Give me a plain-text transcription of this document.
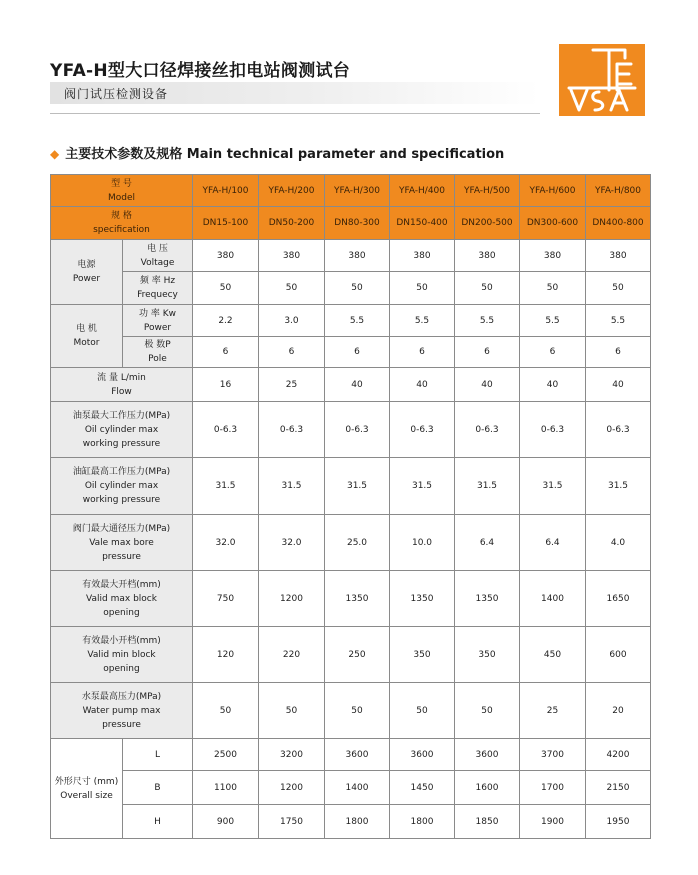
YFA-H型大口径焊接丝扣电站阀测试台
阀门试压检测设备
◆ 主要技术参数及规格 Main technical parameter and specification
型 号
Model		YFA-H/100	YFA-H/200	YFA-H/300	YFA-H/400	YFA-H/500	YFA-H/600	YFA-H/800

规 格
specification		DN15-100	DN50-200	DN80-300	DN150-400	DN200-500	DN300-600	DN400-800

电源
Power	电 压
Voltage	380	380	380	380	380	380	380

	频 率 Hz
Frequecy	50	50	50	50	50	50	50

电 机
Motor	功 率 Kw
Power	2.2	3.0	5.5	5.5	5.5	5.5	5.5

	极 数P
Pole	6	6	6	6	6	6	6

流 量 L/min
Flow		16	25	40	40	40	40	40

油泵最大工作压力(MPa)
Oil cylinder max
working pressure		0-6.3	0-6.3	0-6.3	0-6.3	0-6.3	0-6.3	0-6.3

油缸最高工作压力(MPa)
Oil cylinder max
working pressure		31.5	31.5	31.5	31.5	31.5	31.5	31.5

阀门最大通径压力(MPa)
Vale max bore
pressure		32.0	32.0	25.0	10.0	6.4	6.4	4.0

有效最大开档(mm)
Valid max block
opening		750	1200	1350	1350	1350	1400	1650

有效最小开档(mm)
Valid min block
opening		120	220	250	350	350	450	600

水泵最高压力(MPa)
Water pump max
pressure		50	50	50	50	50	25	20

外形尺寸 (mm)
Overall size	L	2500	3200	3600	3600	3600	3700	4200
	B	1100	1200	1400	1450	1600	1700	2150
	H	900	1750	1800	1800	1850	1900	1950
